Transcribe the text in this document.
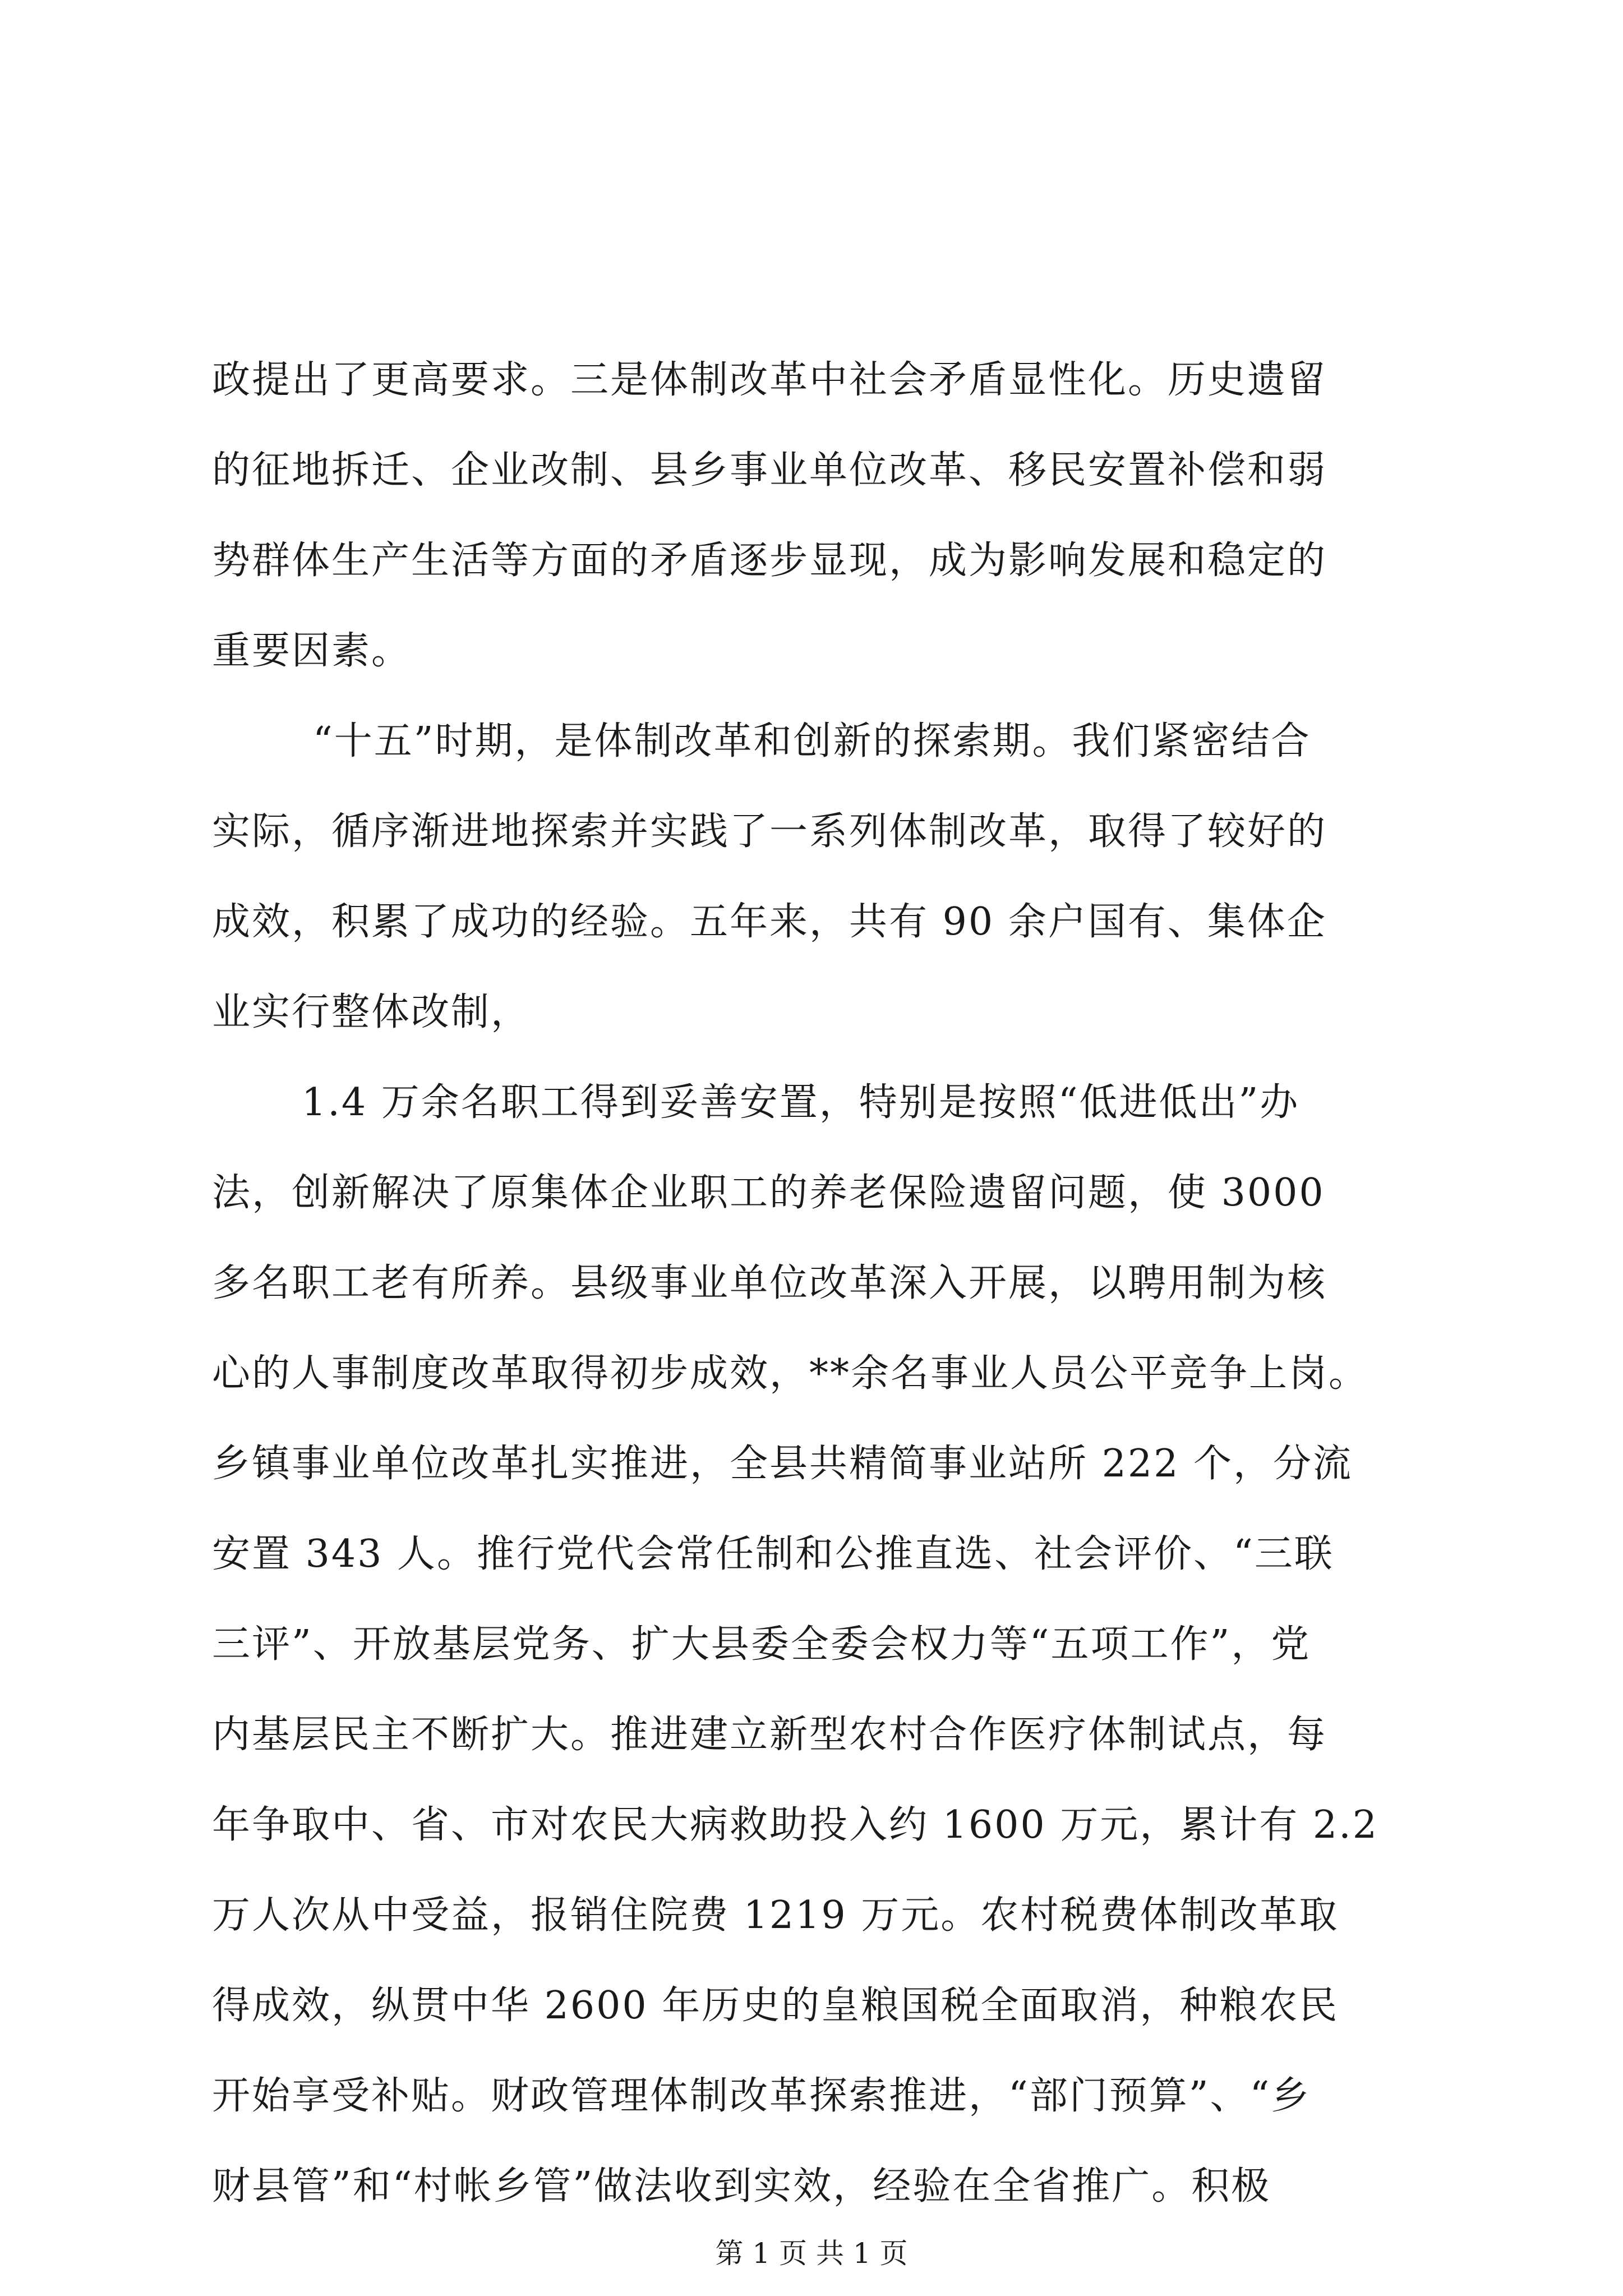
政提出了更高要求。三是体制改革中社会矛盾显性化。历史遗留
的征地拆迁、企业改制、县乡事业单位改革、移民安置补偿和弱
势群体生产生活等方面的矛盾逐步显现，成为影响发展和稳定的
重要因素。
“十五”时期，是体制改革和创新的探索期。我们紧密结合
实际，循序渐进地探索并实践了一系列体制改革，取得了较好的
成效，积累了成功的经验。五年来，共有 90 余户国有、集体企
业实行整体改制，
1.4 万余名职工得到妥善安置，特别是按照“低进低出”办
法，创新解决了原集体企业职工的养老保险遗留问题，使 3000
多名职工老有所养。县级事业单位改革深入开展，以聘用制为核
心的人事制度改革取得初步成效，**余名事业人员公平竞争上岗。
乡镇事业单位改革扎实推进，全县共精简事业站所 222 个，分流
安置 343 人。推行党代会常任制和公推直选、社会评价、“三联
三评”、开放基层党务、扩大县委全委会权力等“五项工作”，党
内基层民主不断扩大。推进建立新型农村合作医疗体制试点，每
年争取中、省、市对农民大病救助投入约 1600 万元，累计有 2.2
万人次从中受益，报销住院费 1219 万元。农村税费体制改革取
得成效，纵贯中华 2600 年历史的皇粮国税全面取消，种粮农民
开始享受补贴。财政管理体制改革探索推进，“部门预算”、“乡
财县管”和“村帐乡管”做法收到实效，经验在全省推广。积极
第 1 页 共 1 页
